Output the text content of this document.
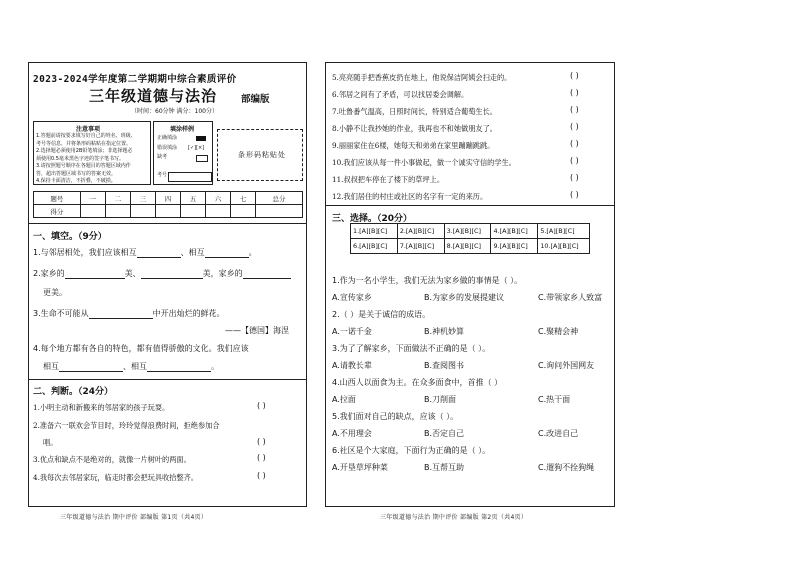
2023-2024学年度第二学期期中综合素质评价
三年级道德与法治	部编版
（时间：60分钟 满分：100分）
注意事项
1.答题前请按要求填写好自己的姓名、班级、
考号等信息，并将条形码粘贴在指定位置。
2.选择题必须使用2B铅笔填涂；非选择题必
须使用0.5毫米黑色字迹的签字笔书写。
3.请按照题号顺序在各题目的答题区域内作
答，超出答题区域书写的答案无效。
4.保持卡面清洁，不折叠，不破损。
填涂样例
正确填涂
错误填涂 [✓][×]
缺考
考号
条形码粘贴处
题号	一	二	三	四	五	六	七	总分
得分								
一、填空。（9分）
1.与邻居相处，我们应该相互	、相互	。
2.家乡的	美、	美，家乡的
更美。
3.生命不可能从	中开出灿烂的鲜花。
——【德国】海涅
4.每个地方都有各自的特色，都有值得骄傲的文化。我们应该
相互	、相互	。
二、判断。（24分）
1.小明主动和新搬来的邻居家的孩子玩耍。	( )
2.准备六一联欢会节目时，玲玲觉得浪费时间，拒绝参加合
唱。	( )
3.优点和缺点不是绝对的，就像一片树叶的两面。	( )
4.我每次去邻居家玩，临走时都会把玩具收拾整齐。	( )
三年级道德与法治 期中评价 部编版 第1页（共4页）
5.亮亮随手把香蕉皮扔在地上，他说保洁阿姨会扫走的。	( )
6.邻居之间有了矛盾，可以找居委会调解。	( )
7.吐鲁番气温高，日照时间长，特别适合葡萄生长。	( )
8.小静不让我抄她的作业，我再也不和她做朋友了。	( )
9.丽丽家住在6楼，她每天和弟弟在家里蹦蹦跳跳。	( )
10.我们应该从每一件小事做起，做一个诚实守信的学生。	( )
11.叔叔把车停在了楼下的草坪上。	( )
12.我们居住的村庄或社区的名字有一定的来历。	( )
三、选择。（20分）
1.[A][B][C]	2.[A][B][C]	3.[A][B][C]	4.[A][B][C]	5.[A][B][C]
6.[A][B][C]	7.[A][B][C]	8.[A][B][C]	9.[A][B][C]	10.[A][B][C]
1.作为一名小学生，我们无法为家乡做的事情是（ ）。
A.宣传家乡	B.为家乡的发展提建议	C.带领家乡人致富
2.（ ）是关于诚信的成语。
A.一诺千金	B.神机妙算	C.聚精会神
3.为了了解家乡，下面做法不正确的是（ ）。
A.请教长辈	B.查阅图书	C.询问外国网友
4.山西人以面食为主。在众多面食中，首推（ ）
A.拉面	B.刀削面	C.热干面
5.我们面对自己的缺点，应该（ ）。
A.不用理会	B.否定自己	C.改进自己
6.社区是个大家庭，下面行为正确的是（ ）。
A.开垦草坪种菜	B.互帮互助	C.遛狗不拴狗绳
三年级道德与法治 期中评价 部编版 第2页（共4页）
